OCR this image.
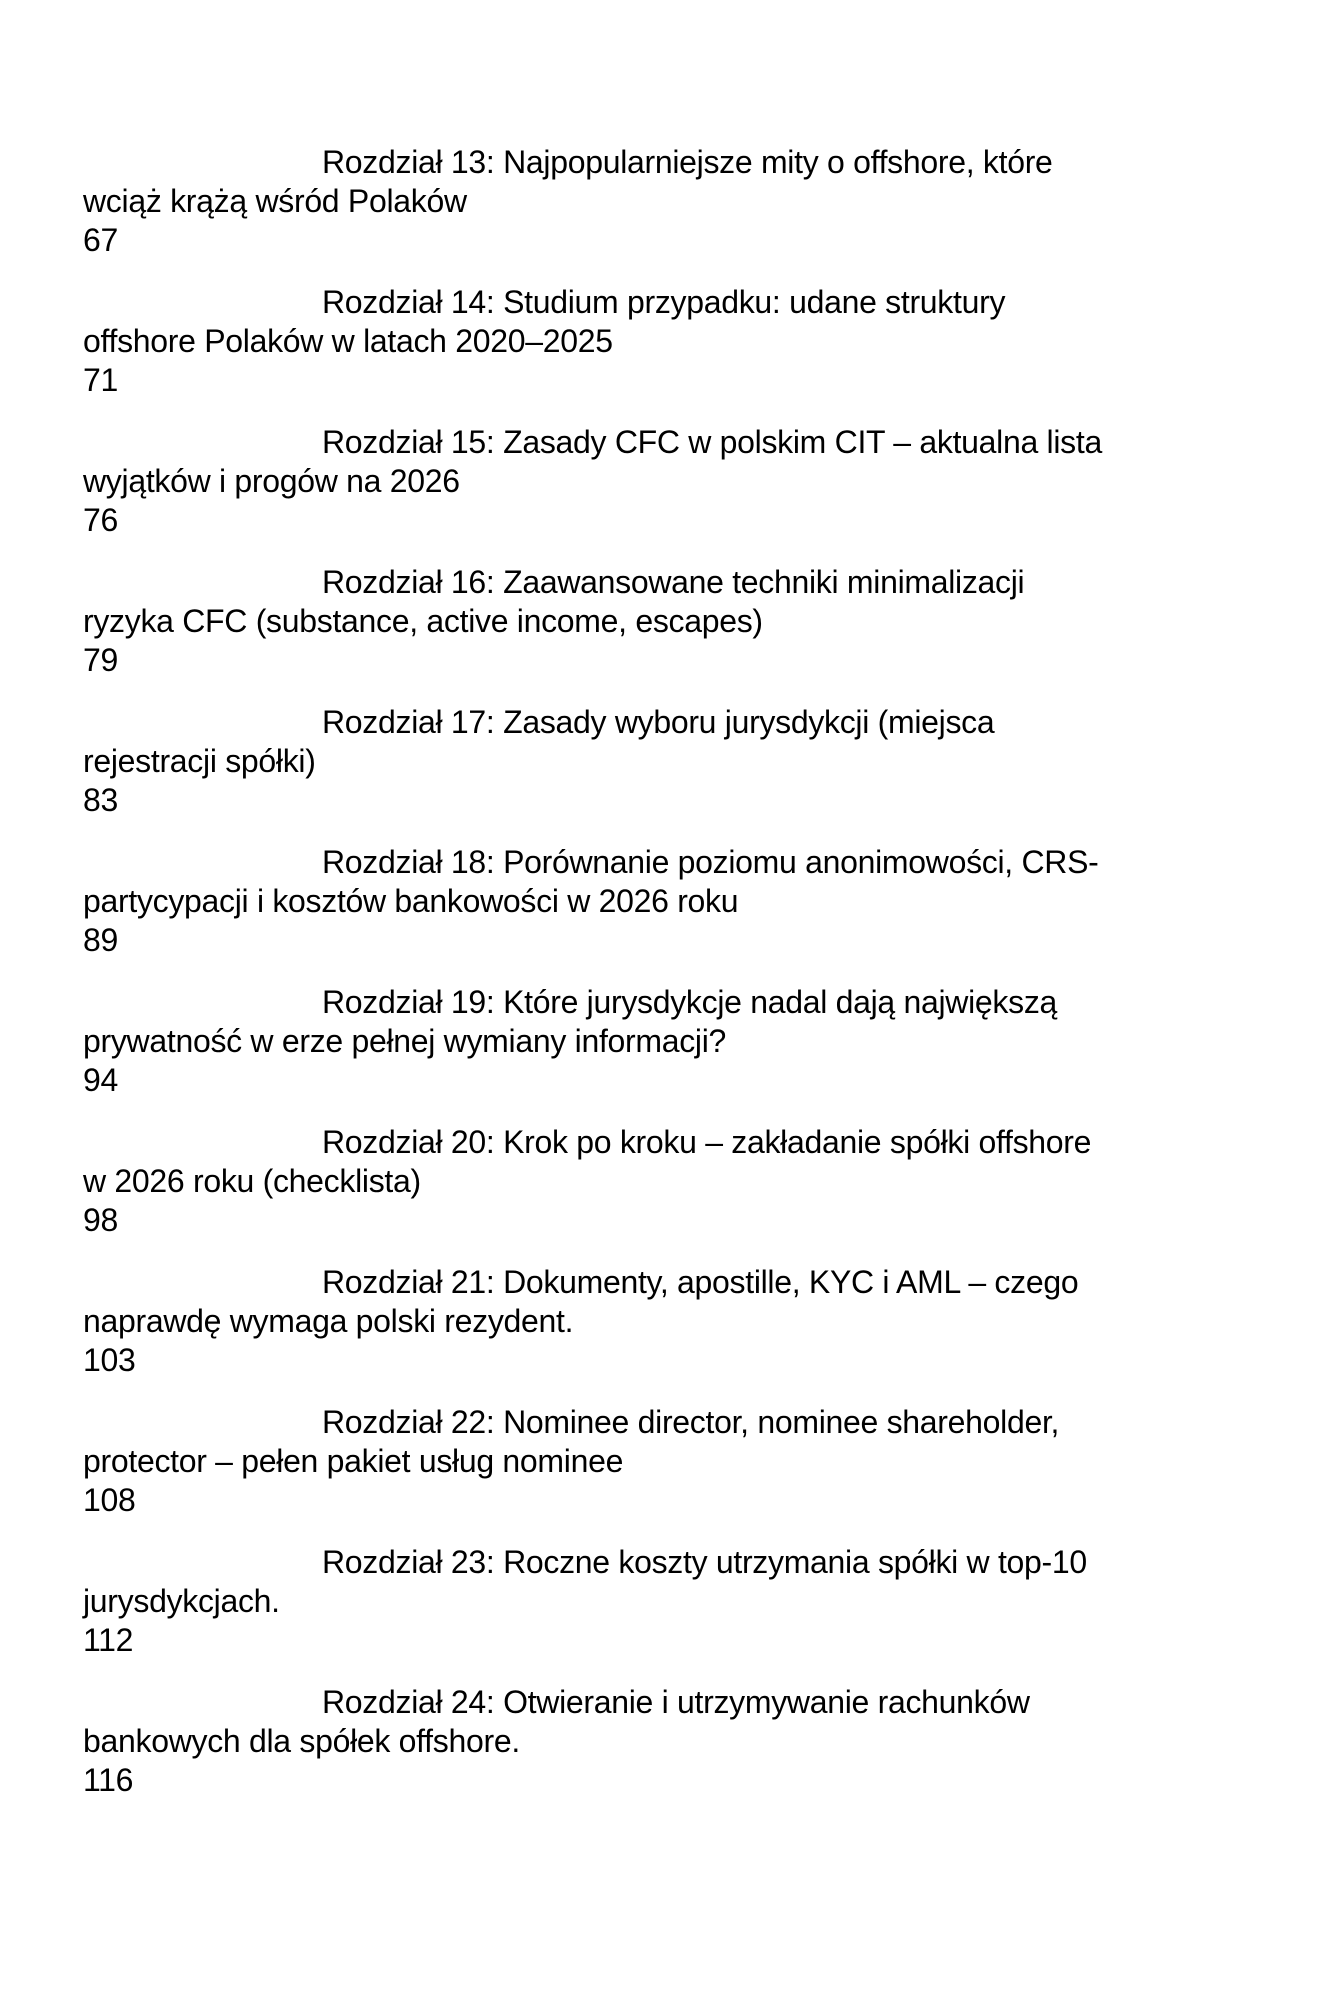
Rozdział 13: Najpopularniejsze mity o offshore, które
wciąż krążą wśród Polaków
67
Rozdział 14: Studium przypadku: udane struktury
offshore Polaków w latach 2020–2025
71
Rozdział 15: Zasady CFC w polskim CIT – aktualna lista
wyjątków i progów na 2026
76
Rozdział 16: Zaawansowane techniki minimalizacji
ryzyka CFC (substance, active income, escapes)
79
Rozdział 17: Zasady wyboru jurysdykcji (miejsca
rejestracji spółki)
83
Rozdział 18: Porównanie poziomu anonimowości, CRS-
partycypacji i kosztów bankowości w 2026 roku
89
Rozdział 19: Które jurysdykcje nadal dają największą
prywatność w erze pełnej wymiany informacji?
94
Rozdział 20: Krok po kroku – zakładanie spółki offshore
w 2026 roku (checklista)
98
Rozdział 21: Dokumenty, apostille, KYC i AML – czego
naprawdę wymaga polski rezydent.
103
Rozdział 22: Nominee director, nominee shareholder,
protector – pełen pakiet usług nominee
108
Rozdział 23: Roczne koszty utrzymania spółki w top-10
jurysdykcjach.
112
Rozdział 24: Otwieranie i utrzymywanie rachunków
bankowych dla spółek offshore.
116
